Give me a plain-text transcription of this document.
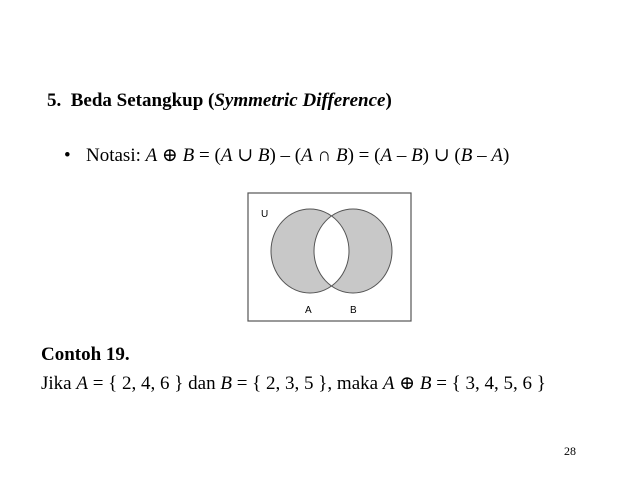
5. Beda Setangkup (Symmetric Difference)
• Notasi: A ⊕ B = (A ∪ B) – (A ∩ B) = (A – B) ∪ (B – A)
U
A	B
Contoh 19.
Jika A = { 2, 4, 6 } dan B = { 2, 3, 5 }, maka A ⊕ B = { 3, 4, 5, 6 }
28
